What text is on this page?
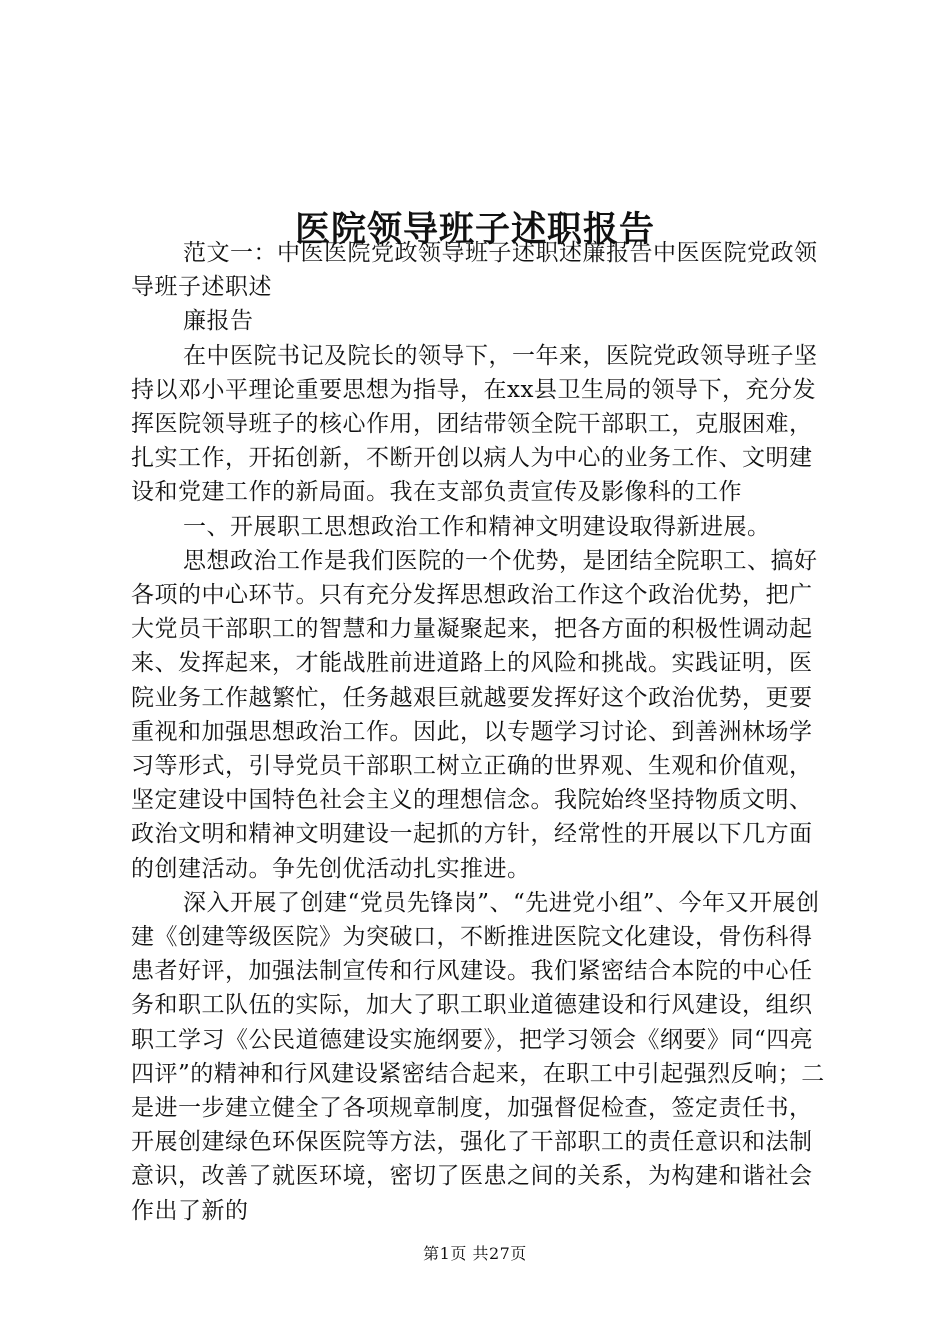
医院领导班子述职报告

范文一：中医医院党政领导班子述职述廉报告中医医院党政领导班子述职述

廉报告

在中医院书记及院长的领导下，一年来，医院党政领导班子坚持以邓小平理论重要思想为指导，在xx县卫生局的领导下，充分发挥医院领导班子的核心作用，团结带领全院干部职工，克服困难，扎实工作，开拓创新，不断开创以病人为中心的业务工作、文明建设和党建工作的新局面。我在支部负责宣传及影像科的工作

一、开展职工思想政治工作和精神文明建设取得新进展。

思想政治工作是我们医院的一个优势，是团结全院职工、搞好各项的中心环节。只有充分发挥思想政治工作这个政治优势，把广大党员干部职工的智慧和力量凝聚起来，把各方面的积极性调动起来、发挥起来，才能战胜前进道路上的风险和挑战。实践证明，医院业务工作越繁忙，任务越艰巨就越要发挥好这个政治优势，更要重视和加强思想政治工作。因此，以专题学习讨论、到善洲林场学习等形式，引导党员干部职工树立正确的世界观、生观和价值观，坚定建设中国特色社会主义的理想信念。我院始终坚持物质文明、政治文明和精神文明建设一起抓的方针，经常性的开展以下几方面的创建活动。争先创优活动扎实推进。

深入开展了创建“党员先锋岗”、“先进党小组”、今年又开展创建《创建等级医院》为突破口，不断推进医院文化建设，骨伤科得患者好评，加强法制宣传和行风建设。我们紧密结合本院的中心任务和职工队伍的实际，加大了职工职业道德建设和行风建设，组织职工学习《公民道德建设实施纲要》，把学习领会《纲要》同“四亮四评”的精神和行风建设紧密结合起来，在职工中引起强烈反响；二是进一步建立健全了各项规章制度，加强督促检查，签定责任书，开展创建绿色环保医院等方法，强化了干部职工的责任意识和法制意识，改善了就医环境，密切了医患之间的关系，为构建和谐社会作出了新的

第1页 共27页
